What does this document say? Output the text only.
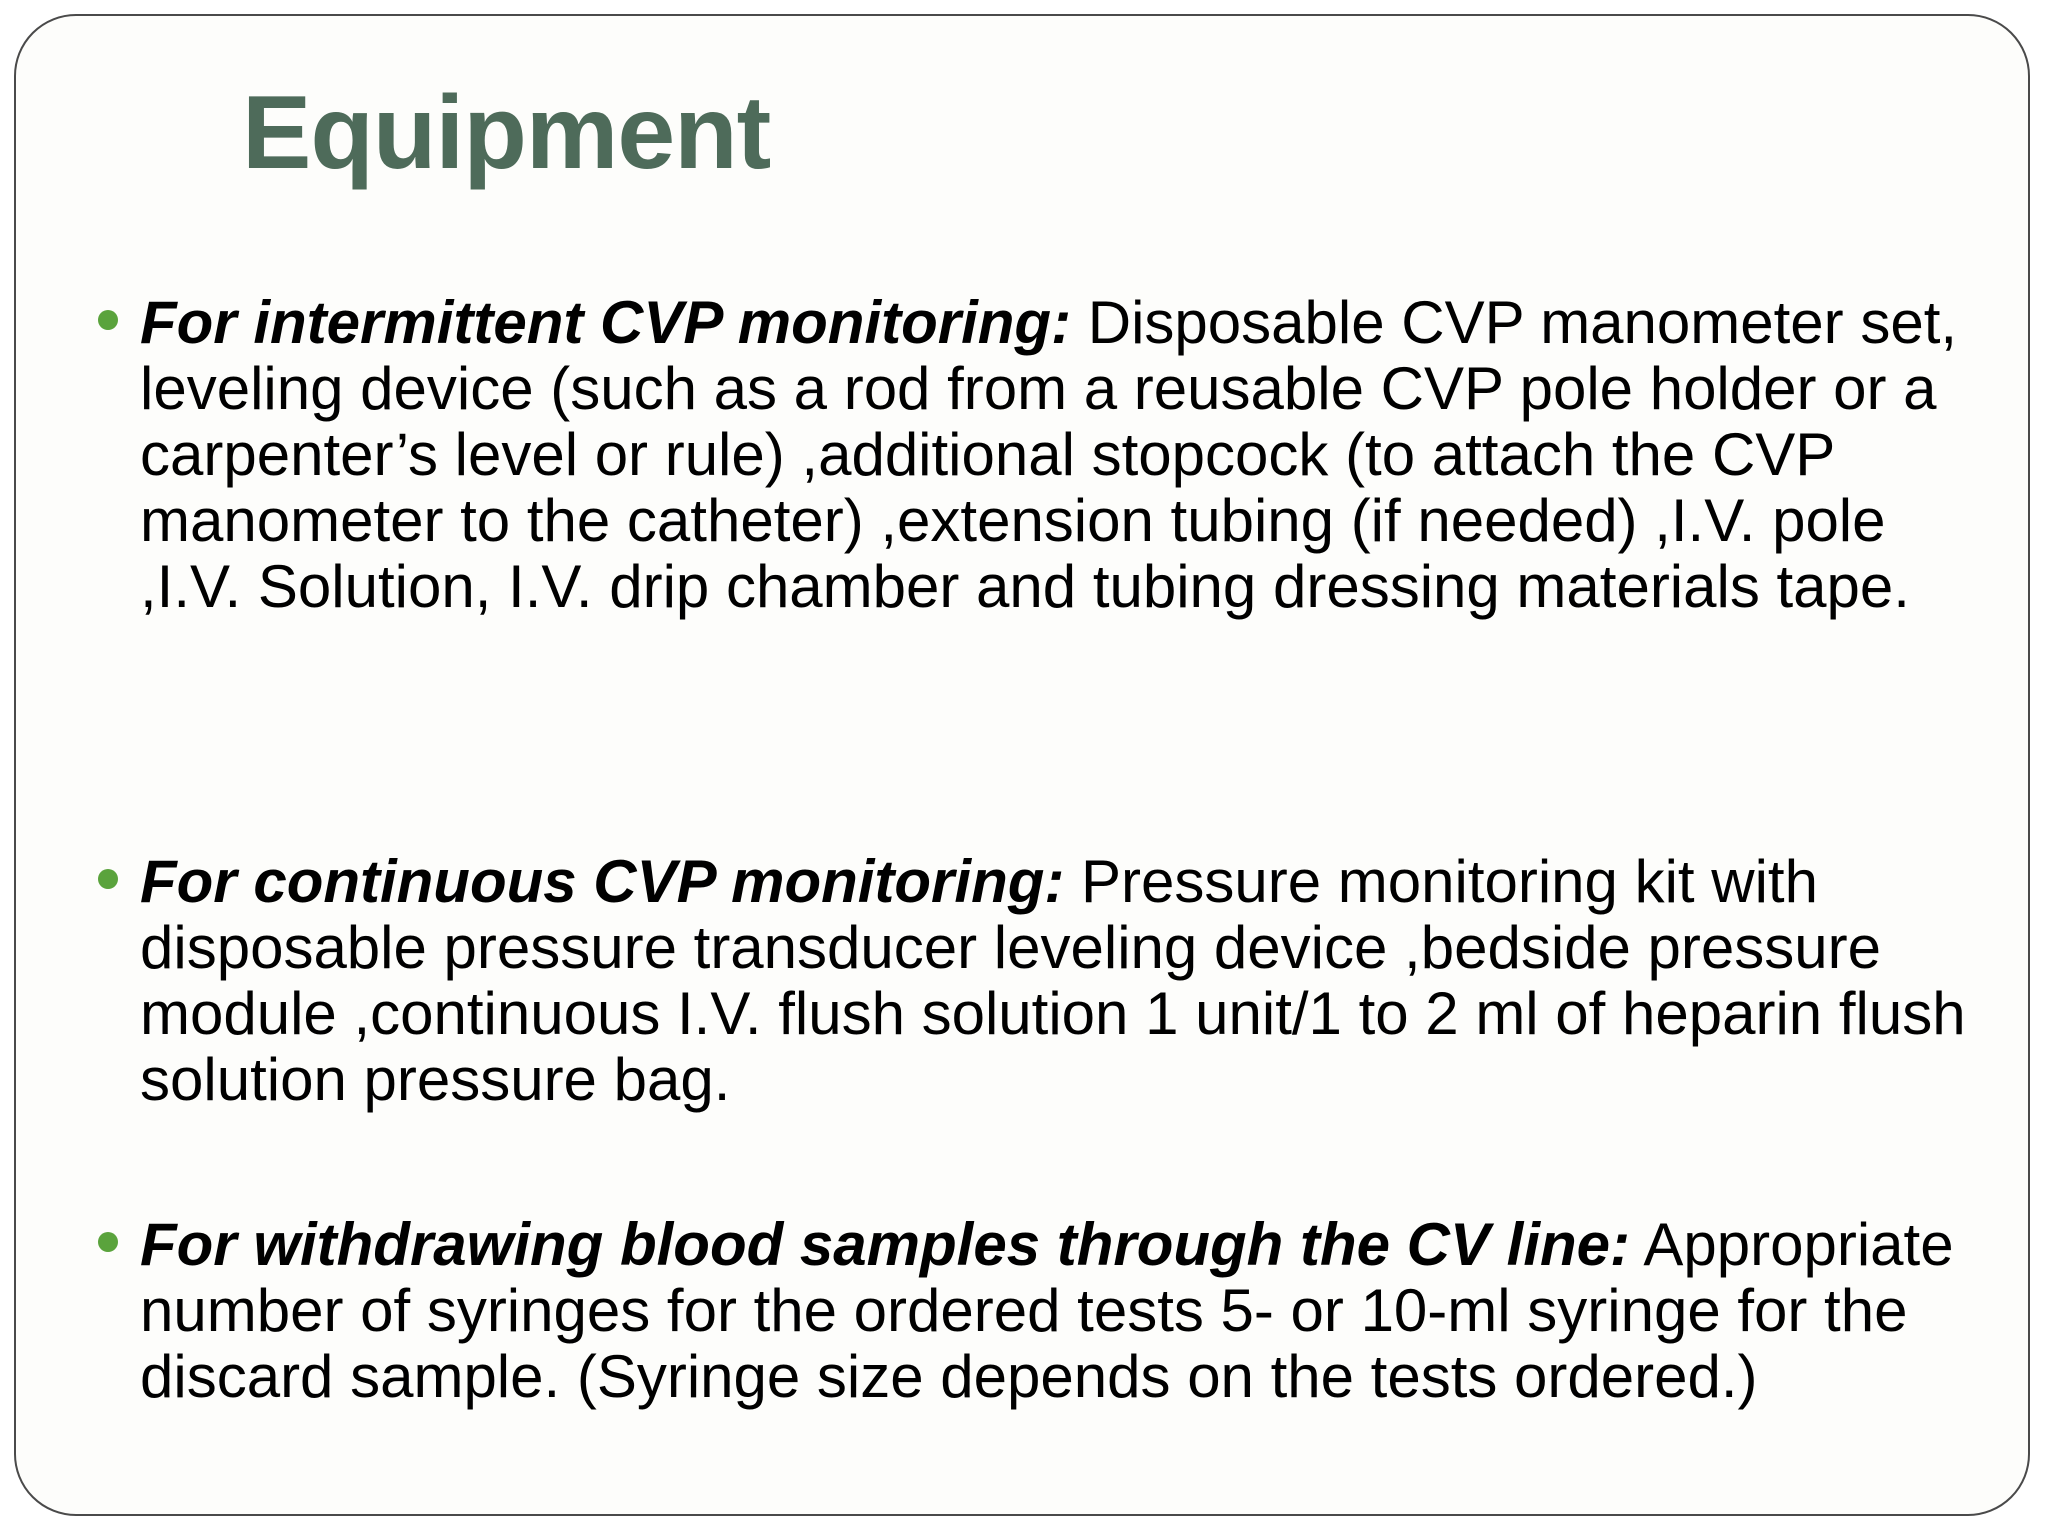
Equipment
For intermittent CVP monitoring: Disposable CVP manometer set, leveling device (such as a rod from a reusable CVP pole holder or a carpenter’s level or rule) ,additional stopcock (to attach the CVP manometer to the catheter) ,extension tubing (if needed) ,I.V. pole ,I.V. Solution, I.V. drip chamber and tubing dressing materials tape.
For continuous CVP monitoring: Pressure monitoring kit with disposable pressure transducer leveling device ,bedside pressure module ,continuous I.V. flush solution 1 unit/1 to 2 ml of heparin flush solution pressure bag.
For withdrawing blood samples through the CV line: Appropriate number of syringes for the ordered tests 5- or 10-ml syringe for the discard sample. (Syringe size depends on the tests ordered.)
